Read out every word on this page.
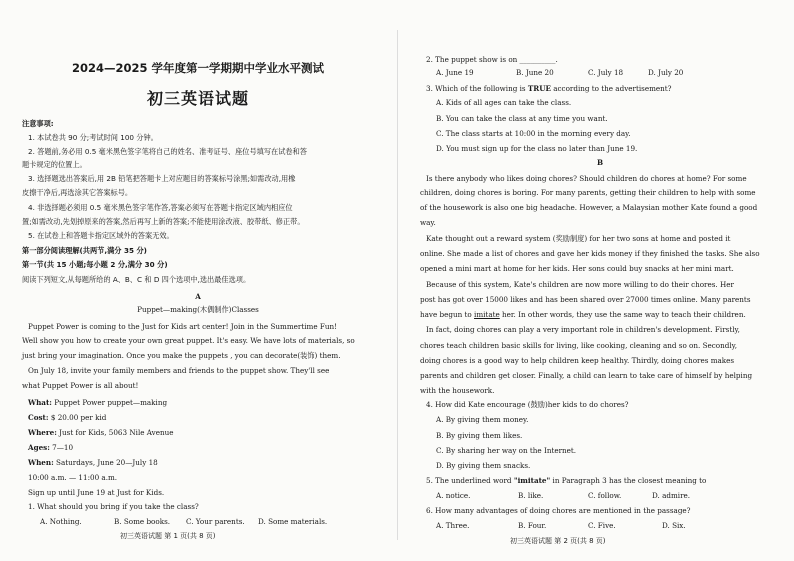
2024—2025 学年度第一学期期中学业水平测试
初三英语试题
注意事项:
1. 本试卷共 90 分;考试时间 100 分钟。
2. 答题前,务必用 0.5 毫米黑色签字笔将自己的姓名、准考证号、座位号填写在试卷和答
题卡规定的位置上。
3. 选择题选出答案后,用 2B 铅笔把答题卡上对应题目的答案标号涂黑;如需改动,用橡
皮擦干净后,再选涂其它答案标号。
4. 非选择题必须用 0.5 毫米黑色签字笔作答,答案必须写在答题卡指定区域内相应位
置;如需改动,先划掉原来的答案,然后再写上新的答案;不能使用涂改液、胶带纸、修正带。
5. 在试卷上和答题卡指定区域外的答案无效。
第一部分阅读理解(共两节,满分 35 分)
第一节(共 15 小题;每小题 2 分,满分 30 分)
阅读下列短文,从每题所给的 A、B、C 和 D 四个选项中,选出最佳选项。
A
Puppet—making(木偶制作)Classes
Puppet Power is coming to the Just for Kids art center! Join in the Summertime Fun!
Well show you how to create your own great puppet. It's easy. We have lots of materials, so
just bring your imagination. Once you make the puppets , you can decorate(装饰) them.
On July 18, invite your family members and friends to the puppet show. They'll see
what Puppet Power is all about!
What: Puppet Power puppet—making
Cost: $ 20.00 per kid
Where: Just for Kids, 5063 Nile Avenue
Ages: 7—10
When: Saturdays, June 20—July 18
10:00 a.m. — 11:00 a.m.
Sign up until June 19 at Just for Kids.
1. What should you bring if you take the class?
A. Nothing.	B. Some books. C. Your parents. D. Some materials.
初三英语试题 第 1 页(共 8 页)
2. The puppet show is on __________.
A. June 19	B. June 20	C. July 18	D. July 20
3. Which of the following is TRUE according to the advertisement?
A. Kids of all ages can take the class.
B. You can take the class at any time you want.
C. The class starts at 10:00 in the morning every day.
D. You must sign up for the class no later than June 19.
B
Is there anybody who likes doing chores? Should children do chores at home? For some
children, doing chores is boring. For many parents, getting their children to help with some
of the housework is also one big headache. However, a Malaysian mother Kate found a good
way.
Kate thought out a reward system (奖励制度) for her two sons at home and posted it
online. She made a list of chores and gave her kids money if they finished the tasks. She also
opened a mini mart at home for her kids. Her sons could buy snacks at her mini mart.
Because of this system, Kate's children are now more willing to do their chores. Her
post has got over 15000 likes and has been shared over 27000 times online. Many parents
have begun to imitate her. In other words, they use the same way to teach their children.
In fact, doing chores can play a very important role in children's development. Firstly,
chores teach children basic skills for living, like cooking, cleaning and so on. Secondly,
doing chores is a good way to help children keep healthy. Thirdly, doing chores makes
parents and children get closer. Finally, a child can learn to take care of himself by helping
with the housework.
4. How did Kate encourage (鼓励)her kids to do chores?
A. By giving them money.
B. By giving them likes.
C. By sharing her way on the Internet.
D. By giving them snacks.
5. The underlined word "imitate" in Paragraph 3 has the closest meaning to
A. notice.	B. like.	C. follow.	D. admire.
6. How many advantages of doing chores are mentioned in the passage?
A. Three.	B. Four.	C. Five.	D. Six.
初三英语试题 第 2 页(共 8 页)
